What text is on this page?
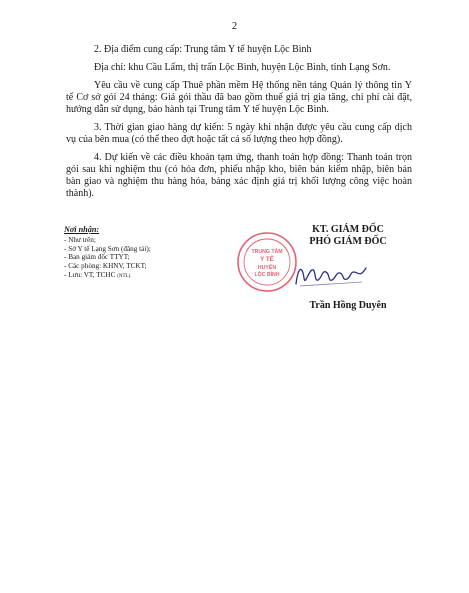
2

2. Địa điểm cung cấp: Trung tâm Y tế huyện Lộc Bình

Địa chỉ: khu Cầu Lấm, thị trấn Lộc Bình, huyện Lộc Bình, tỉnh Lạng Sơn.

Yêu cầu về cung cấp Thuê phần mềm Hệ thống nền tảng Quản lý thông tin Y tế Cơ sở gói 24 tháng: Giá gói thầu đã bao gồm thuế giá trị gia tăng, chi phí cài đặt, hướng dẫn sử dụng, bảo hành tại Trung tâm Y tế huyện Lộc Bình.

3. Thời gian giao hàng dự kiến: 5 ngày khi nhận được yêu cầu cung cấp dịch vụ của bên mua (có thể theo đợt hoặc tất cả số lượng theo hợp đồng).

4. Dự kiến về các điều khoản tạm ứng, thanh toán hợp đồng: Thanh toán trọn gói sau khi nghiệm thu (có hóa đơn, phiếu nhập kho, biên bản kiểm nhập, biên bản bàn giao và nghiệm thu hàng hóa, bảng xác định giá trị khối lượng công việc hoàn thành).

Nơi nhận:
- Như trên;
- Sở Y tế Lạng Sơn (đăng tải);
- Ban giám đốc TTYT;
- Các phòng: KHNV, TCKT;
- Lưu: VT, TCHC (NTL).
KT. GIÁM ĐỐC
PHÓ GIÁM ĐỐC
TRUNG TÂM
Y TẾ
HUYỆN
LỘC BÌNH
Trần Hồng Duyên
